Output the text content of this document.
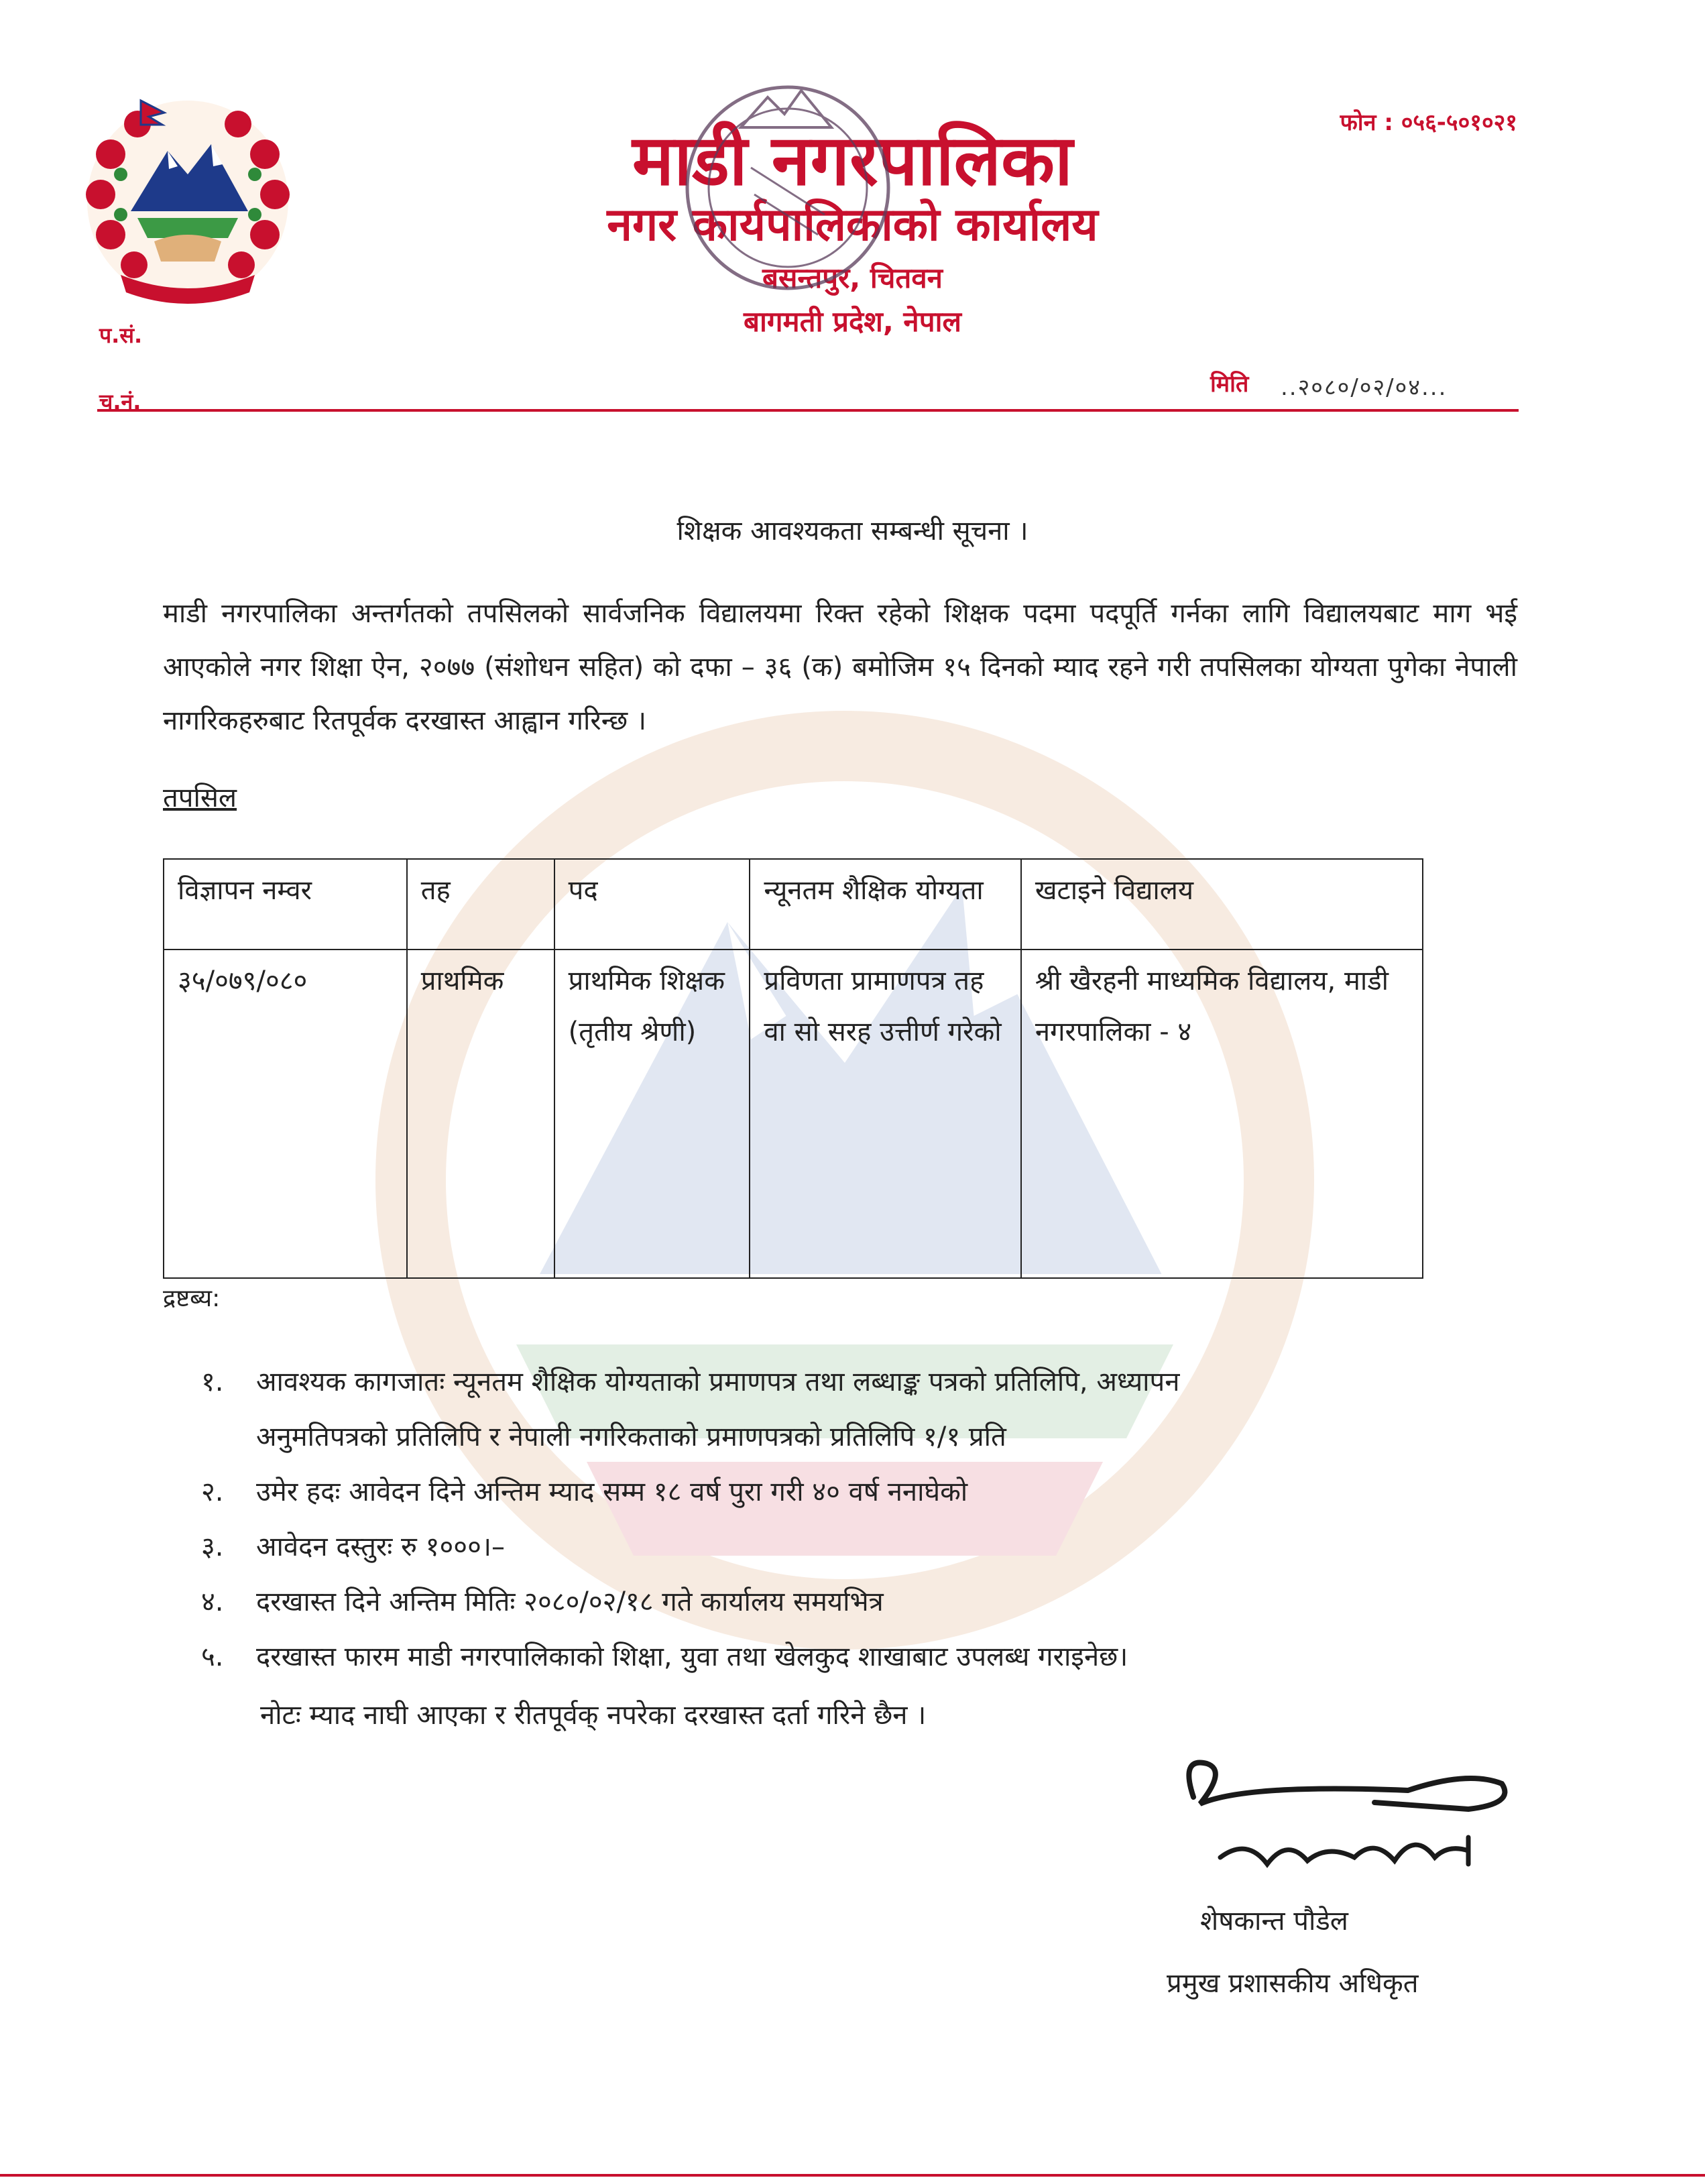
माडी नगरपालिका
नगर कार्यपालिकाको कार्यालय
बसन्तपुर, चितवन
बागमती प्रदेश, नेपाल
फोन : ०५६-५०१०२१
प.सं.
च.नं.
मिति ..२०८०/०२/०४...
शिक्षक आवश्यकता सम्बन्धी सूचना ।
माडी नगरपालिका अन्तर्गतको तपसिलको सार्वजनिक विद्यालयमा रिक्त रहेको शिक्षक पदमा पदपूर्ति गर्नका लागि विद्यालयबाट माग भई आएकोले नगर शिक्षा ऐन, २०७७ (संशोधन सहित) को दफा – ३६ (क) बमोजिम १५ दिनको म्याद रहने गरी तपसिलका योग्यता पुगेका नेपाली नागरिकहरुबाट रितपूर्वक दरखास्त आह्वान गरिन्छ ।
तपसिल
विज्ञापन नम्वर	तह	पद	न्यूनतम शैक्षिक योग्यता	खटाइने विद्यालय
३५/०७९/०८०	प्राथमिक	प्राथमिक शिक्षक (तृतीय श्रेणी)	प्रविणता प्रामाणपत्र तह वा सो सरह उत्तीर्ण गरेको	श्री खैरहनी माध्यमिक विद्यालय, माडी नगरपालिका - ४
द्रष्टब्य:
१. आवश्यक कागजातः न्यूनतम शैक्षिक योग्यताको प्रमाणपत्र तथा लब्धाङ्क पत्रको प्रतिलिपि, अध्यापन
अनुमतिपत्रको प्रतिलिपि र नेपाली नगरिकताको प्रमाणपत्रको प्रतिलिपि १/१ प्रति
२. उमेर हदः आवेदन दिने अन्तिम म्याद सम्म १८ वर्ष पुरा गरी ४० वर्ष ननाघेको
३. आवेदन दस्तुरः रु १०००।–
४. दरखास्त दिने अन्तिम मितिः २०८०/०२/१८ गते कार्यालय समयभित्र
५. दरखास्त फारम माडी नगरपालिकाको शिक्षा, युवा तथा खेलकुद शाखाबाट उपलब्ध गराइनेछ।
नोटः म्याद नाघी आएका र रीतपूर्वक् नपरेका दरखास्त दर्ता गरिने छैन ।
शेषकान्त पौडेल
प्रमुख प्रशासकीय अधिकृत
